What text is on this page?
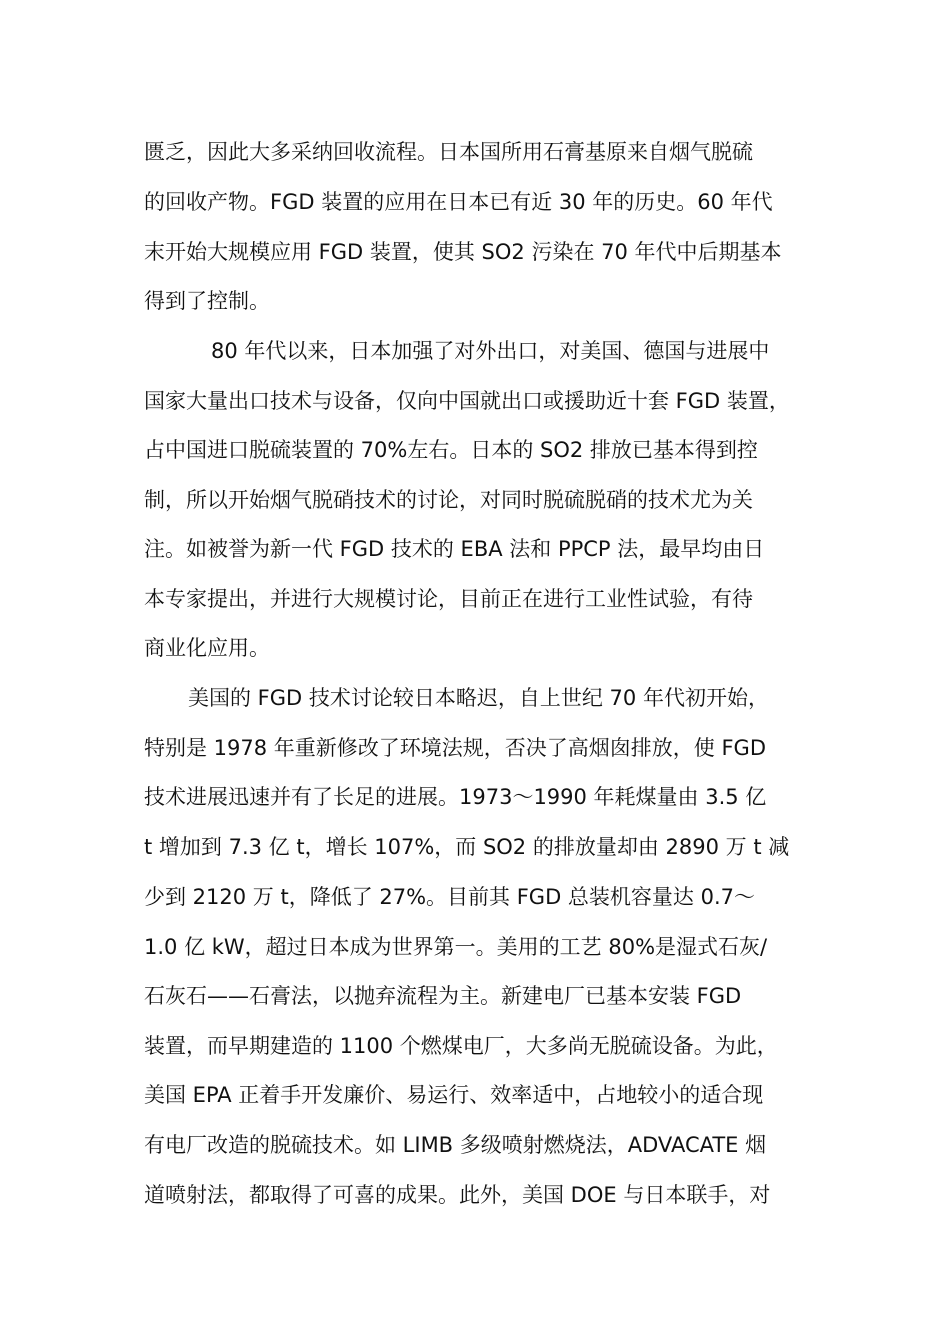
匮乏，因此大多采纳回收流程。日本国所用石膏基原来自烟气脱硫
的回收产物。FGD 装置的应用在日本已有近 30 年的历史。60 年代
末开始大规模应用 FGD 装置，使其 SO2 污染在 70 年代中后期基本
得到了控制。
80 年代以来，日本加强了对外出口，对美国、德国与进展中
国家大量出口技术与设备，仅向中国就出口或援助近十套 FGD 装置，
占中国进口脱硫装置的 70%左右。日本的 SO2 排放已基本得到控
制，所以开始烟气脱硝技术的讨论，对同时脱硫脱硝的技术尤为关
注。如被誉为新一代 FGD 技术的 EBA 法和 PPCP 法，最早均由日
本专家提出，并进行大规模讨论，目前正在进行工业性试验，有待
商业化应用。
美国的 FGD 技术讨论较日本略迟，自上世纪 70 年代初开始，
特别是 1978 年重新修改了环境法规，否决了高烟囱排放，使 FGD
技术进展迅速并有了长足的进展。1973～1990 年耗煤量由 3.5 亿
t 增加到 7.3 亿 t，增长 107%，而 SO2 的排放量却由 2890 万 t 减
少到 2120 万 t，降低了 27%。目前其 FGD 总装机容量达 0.7～
1.0 亿 kW，超过日本成为世界第一。美用的工艺 80%是湿式石灰/
石灰石——石膏法，以抛弃流程为主。新建电厂已基本安装 FGD
装置，而早期建造的 1100 个燃煤电厂，大多尚无脱硫设备。为此，
美国 EPA 正着手开发廉价、易运行、效率适中，占地较小的适合现
有电厂改造的脱硫技术。如 LIMB 多级喷射燃烧法，ADVACATE 烟
道喷射法，都取得了可喜的成果。此外，美国 DOE 与日本联手，对
